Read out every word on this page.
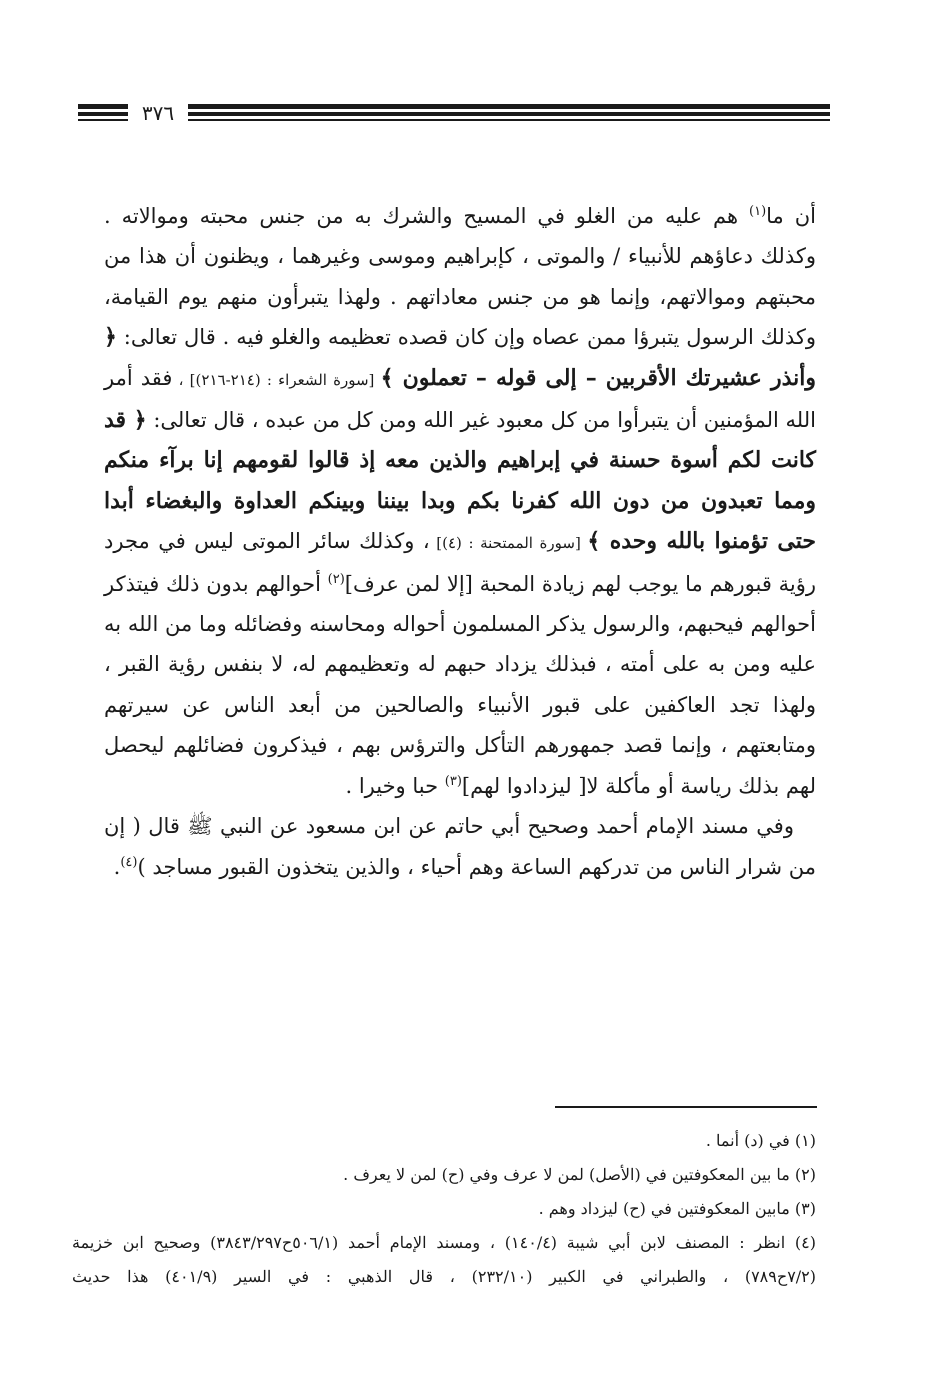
٣٧٦

أن ما$^{(١)}$ هم عليه من الغلو في المسيح والشرك به من جنس محبته وموالاته . وكذلك دعاؤهم للأنبياء / والموتى ، كإبراهيم وموسى وغيرهما ، ويظنون أن هذا من محبتهم وموالاتهم، وإنما هو من جنس معاداتهم . ولهذا يتبرأون منهم يوم القيامة، وكذلك الرسول يتبرؤا ممن عصاه وإن كان قصده تعظيمه والغلو فيه . قال تعالى: ﴿ وأنذر عشيرتك الأقربين – إلى قوله – تعملون ﴾ [سورة الشعراء : (٢١٤-٢١٦)] ، فقد أمر الله المؤمنين أن يتبرأوا من كل معبود غير الله ومن كل من عبده ، قال تعالى: ﴿ قد كانت لكم أسوة حسنة في إبراهيم والذين معه إذ قالوا لقومهم إنا برآء منكم ومما تعبدون من دون الله كفرنا بكم وبدا بيننا وبينكم العداوة والبغضاء أبدا حتى تؤمنوا بالله وحده ﴾ [سورة الممتحنة : (٤)] ، وكذلك سائر الموتى ليس في مجرد رؤية قبورهم ما يوجب لهم زيادة المحبة [إلا لمن عرف]$^{(٢)}$ أحوالهم بدون ذلك فيتذكر أحوالهم فيحبهم، والرسول يذكر المسلمون أحواله ومحاسنه وفضائله وما من الله به عليه ومن به على أمته ، فبذلك يزداد حبهم له وتعظيمهم له، لا بنفس رؤية القبر ، ولهذا تجد العاكفين على قبور الأنبياء والصالحين من أبعد الناس عن سيرتهم ومتابعتهم ، وإنما قصد جمهورهم التأكل والترؤس بهم ، فيذكرون فضائلهم ليحصل لهم بذلك رياسة أو مأكلة لا[ ليزدادوا لهم]$^{(٣)}$ حبا وخيرا .

وفي مسند الإمام أحمد وصحيح أبي حاتم عن ابن مسعود عن النبي ﷺ قال ( إن من شرار الناس من تدركهم الساعة وهم أحياء ، والذين يتخذون القبور مساجد )$^{(٤)}$.

(١) في (د) أنما .

(٢) ما بين المعكوفتين في (الأصل) لمن لا عرف وفي (ح) لمن لا يعرف .

(٣) مابين المعكوفتين في (ح) ليزداد وهم .

(٤) انظر : المصنف لابن أبي شيبة (١٤٠/٤) ، ومسند الإمام أحمد (٥٠٦/١ح٣٨٤٣/٢٩٧) وصحيح ابن خزيمة (٧/٢ح٧٨٩) ، والطبراني في الكبير (٢٣٢/١٠) ، قال الذهبي : في السير (٤٠١/٩) هذا حديث
